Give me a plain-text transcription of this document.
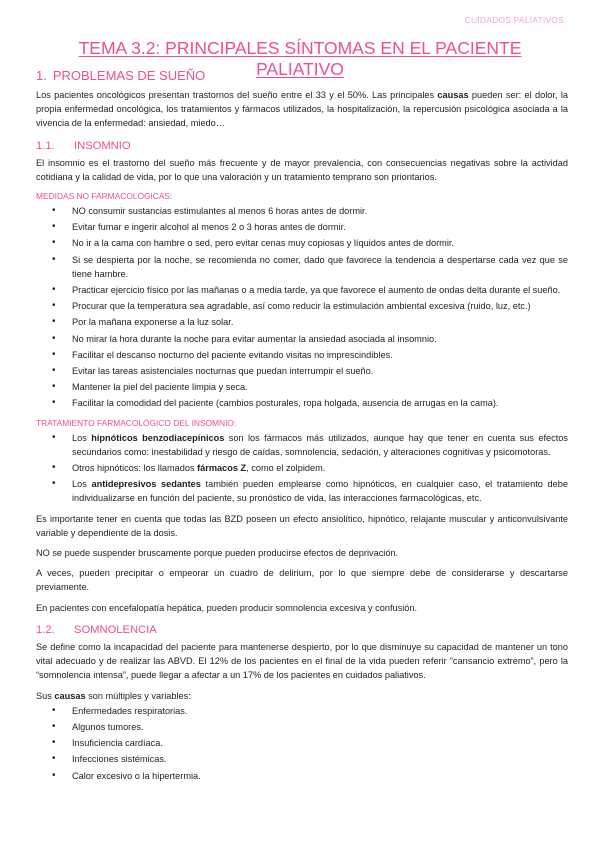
CUIDADOS PALIATIVOS
TEMA 3.2: PRINCIPALES SÍNTOMAS EN EL PACIENTE PALIATIVO
1. PROBLEMAS DE SUEÑO

Los pacientes oncológicos presentan trastornos del sueño entre el 33 y el 50%. Las principales causas pueden ser: el dolor, la propia enfermedad oncológica, los tratamientos y fármacos utilizados, la hospitalización, la repercusión psicológica asociada a la vivencia de la enfermedad: ansiedad, miedo…

1.1. INSOMNIO

El insomnio es el trastorno del sueño más frecuente y de mayor prevalencia, con consecuencias negativas sobre la actividad cotidiana y la calidad de vida, por lo que una valoración y un tratamiento temprano son prioritarios.

MEDIDAS NO FARMACOLÓGICAS:
• NO consumir sustancias estimulantes al menos 6 horas antes de dormir.
• Evitar fumar e ingerir alcohol al menos 2 o 3 horas antes de dormir.
• No ir a la cama con hambre o sed, pero evitar cenas muy copiosas y líquidos antes de dormir.
• Si se despierta por la noche, se recomienda no comer, dado que favorece la tendencia a despertarse cada vez que se tiene hambre.
• Practicar ejercicio físico por las mañanas o a media tarde, ya que favorece el aumento de ondas delta durante el sueño.
• Procurar que la temperatura sea agradable, así como reducir la estimulación ambiental excesiva (ruido, luz, etc.)
• Por la mañana exponerse a la luz solar.
• No mirar la hora durante la noche para evitar aumentar la ansiedad asociada al insomnio.
• Facilitar el descanso nocturno del paciente evitando visitas no imprescindibles.
• Evitar las tareas asistenciales nocturnas que puedan interrumpir el sueño.
• Mantener la piel del paciente limpia y seca.
• Facilitar la comodidad del paciente (cambios posturales, ropa holgada, ausencia de arrugas en la cama).
TRATAMIENTO FARMACOLÓGICO DEL INSOMNIO:
• Los hipnóticos benzodiacepínicos son los fármacos más utilizados, aunque hay que tener en cuenta sus efectos secundarios como: inestabilidad y riesgo de caídas, somnolencia, sedación, y alteraciones cognitivas y psicomotoras.
• Otros hipnóticos: los llamados fármacos Z, como el zolpidem.
• Los antidepresivos sedantes también pueden emplearse como hipnóticos, en cualquier caso, el tratamiento debe individualizarse en función del paciente, su pronóstico de vida, las interacciones farmacológicas, etc.

Es importante tener en cuenta que todas las BZD poseen un efecto ansiolítico, hipnótico, relajante muscular y anticonvulsivante variable y dependiente de la dosis.

NO se puede suspender bruscamente porque pueden producirse efectos de deprivación.

A veces, pueden precipitar o empeorar un cuadro de delirium, por lo que siempre debe de considerarse y descartarse previamente.

En pacientes con encefalopatía hepática, pueden producir somnolencia excesiva y confusión.

1.2. SOMNOLENCIA

Se define como la incapacidad del paciente para mantenerse despierto, por lo que disminuye su capacidad de mantener un tono vital adecuado y de realizar las ABVD. El 12% de los pacientes en el final de la vida pueden referir “cansancio extremo”, pero la “somnolencia intensa”, puede llegar a afectar a un 17% de los pacientes en cuidados paliativos.

Sus causas son múltiples y variables:

• Enfermedades respiratorias.
• Algunos tumores.
• Insuficiencia cardíaca.
• Infecciones sistémicas.
• Calor excesivo o la hipertermia.
